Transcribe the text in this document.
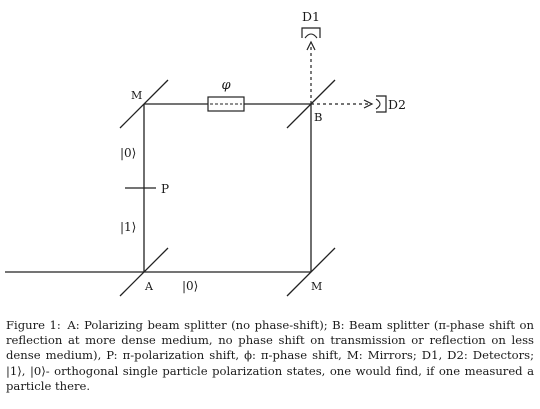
D1
D2
φ
M
B
|0⟩
P
|1⟩
A |0⟩	M

Figure 1: A: Polarizing beam splitter (no phase-shift); B: Beam splitter (π-phase shift on reflection at more dense medium, no phase shift on transmission or reflection on less dense medium), P: π-polarization shift, ϕ: π-phase shift, M: Mirrors; D1, D2: Detectors; |1⟩, |0⟩- orthogonal single particle polarization states, one would find, if one measured a particle there.
